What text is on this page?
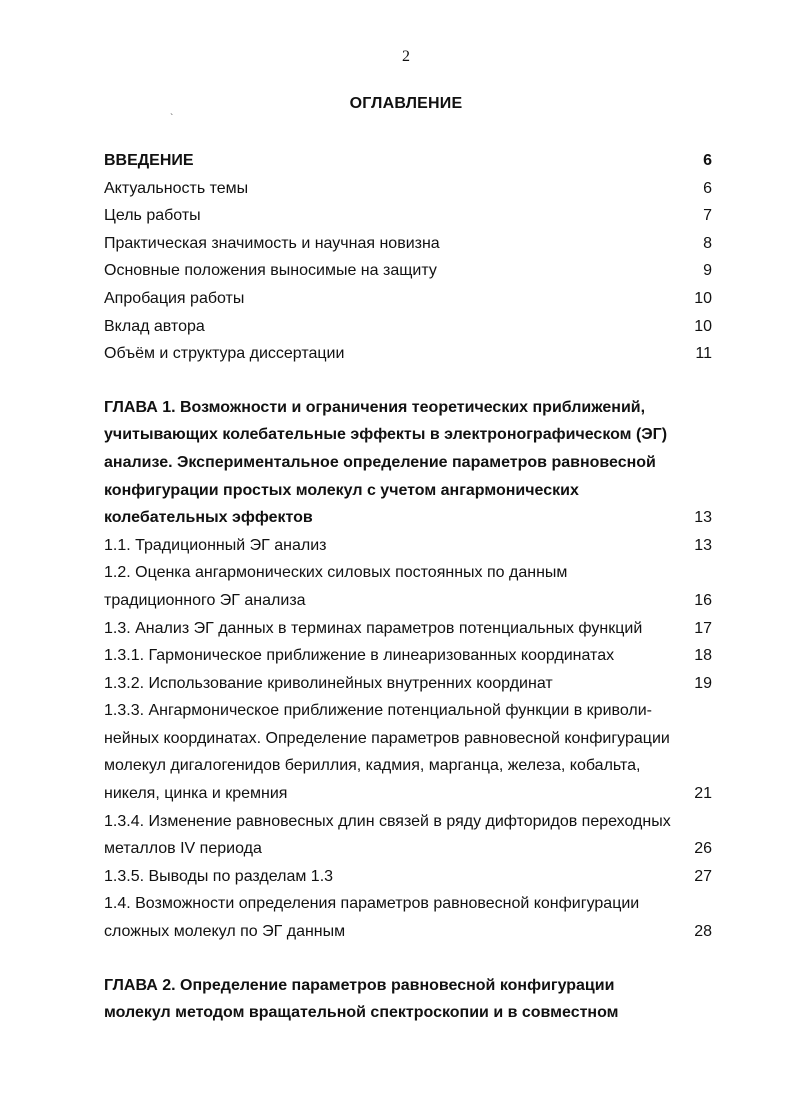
2
ОГЛАВЛЕНИЕ
`
ВВЕДЕНИЕ	6
Актуальность темы	6
Цель работы	7
Практическая значимость и научная новизна	8
Основные положения выносимые на защиту	9
Апробация работы	10
Вклад автора	10
Объём и структура диссертации	11
ГЛАВА 1. Возможности и ограничения теоретических приближений,
учитывающих колебательные эффекты в электронографическом (ЭГ)
анализе. Экспериментальное определение параметров равновесной
конфигурации простых молекул с учетом ангармонических
колебательных эффектов	13
1.1. Традиционный ЭГ анализ	13
1.2. Оценка ангармонических силовых постоянных по данным
традиционного ЭГ анализа	16
1.3. Анализ ЭГ данных в терминах параметров потенциальных функций	17
1.3.1. Гармоническое приближение в линеаризованных координатах	18
1.3.2. Использование криволинейных внутренних координат	19
1.3.3. Ангармоническое приближение потенциальной функции в криволи-
нейных координатах. Определение параметров равновесной конфигурации
молекул дигалогенидов бериллия, кадмия, марганца, железа, кобальта,
никеля, цинка и кремния	21
1.3.4. Изменение равновесных длин связей в ряду дифторидов переходных
металлов IV периода	26
1.3.5. Выводы по разделам 1.3	27
1.4. Возможности определения параметров равновесной конфигурации
сложных молекул по ЭГ данным	28
ГЛАВА 2. Определение параметров равновесной конфигурации
молекул методом вращательной спектроскопии и в совместном
